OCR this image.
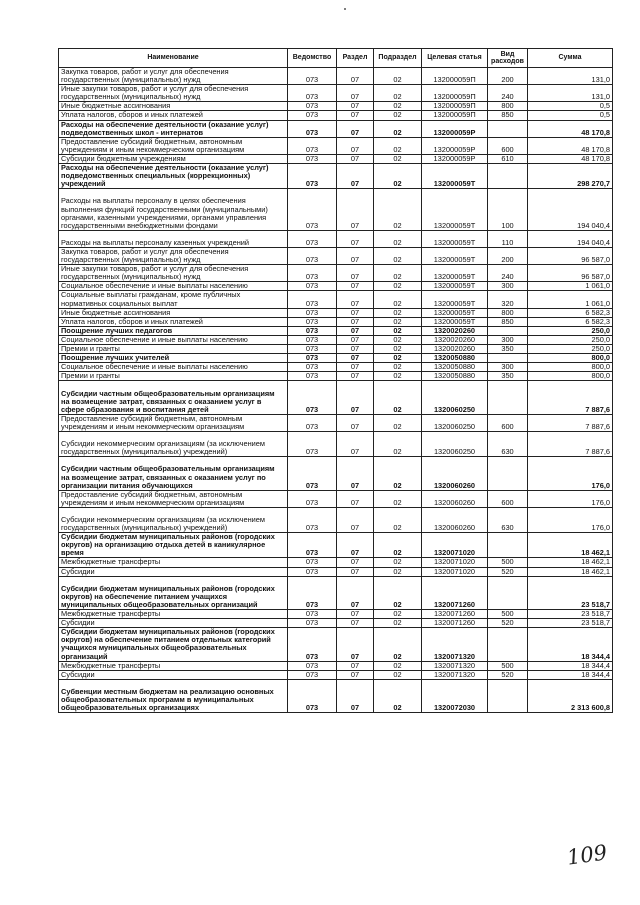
Наименование	Ведомство	Раздел	Подраздел	Целевая статья	Вид расходов	Сумма
Закупка товаров, работ и услуг для обеспечения государственных (муниципальных) нужд	073	07	02	132000059П	200	131,0
Иные закупки товаров, работ и услуг для обеспечения государственных (муниципальных) нужд	073	07	02	132000059П	240	131,0
Иные бюджетные ассигнования	073	07	02	132000059П	800	0,5
Уплата налогов, сборов и иных платежей	073	07	02	132000059П	850	0,5
Расходы на обеспечение деятельности (оказание услуг) подведомственных школ - интернатов	073	07	02	132000059Р		48 170,8
Предоставление субсидий бюджетным, автономным учреждениям и иным некоммерческим организациям	073	07	02	132000059Р	600	48 170,8
Субсидии бюджетным учреждениям	073	07	02	132000059Р	610	48 170,8
Расходы на обеспечение деятельности (оказание услуг) подведомственных специальных (коррекционных) учреждений	073	07	02	132000059Т		298 270,7
Расходы на выплаты персоналу в целях обеспечения выполнения функций государственными (муниципальными) органами, казенными учреждениями, органами управления государственными внебюджетными фондами	073	07	02	132000059Т	100	194 040,4
Расходы на выплаты персоналу казенных учреждений	073	07	02	132000059Т	110	194 040,4
Закупка товаров, работ и услуг для обеспечения государственных (муниципальных) нужд	073	07	02	132000059Т	200	96 587,0
Иные закупки товаров, работ и услуг для обеспечения государственных (муниципальных) нужд	073	07	02	132000059Т	240	96 587,0
Социальное обеспечение и иные выплаты населению	073	07	02	132000059Т	300	1 061,0
Социальные выплаты гражданам, кроме публичных нормативных социальных выплат	073	07	02	132000059Т	320	1 061,0
Иные бюджетные ассигнования	073	07	02	132000059Т	800	6 582,3
Уплата налогов, сборов и иных платежей	073	07	02	132000059Т	850	6 582,3
Поощрение лучших педагогов	073	07	02	1320020260		250,0
Социальное обеспечение и иные выплаты населению	073	07	02	1320020260	300	250,0
Премии и гранты	073	07	02	1320020260	350	250,0
Поощрение лучших учителей	073	07	02	1320050880		800,0
Социальное обеспечение и иные выплаты населению	073	07	02	1320050880	300	800,0
Премии и гранты	073	07	02	1320050880	350	800,0
Субсидии частным общеобразовательным организациям на возмещение затрат, связанных с оказанием услуг в сфере образования и воспитания детей	073	07	02	1320060250		7 887,6
Предоставление субсидий бюджетным, автономным учреждениям и иным некоммерческим организациям	073	07	02	1320060250	600	7 887,6
Субсидии некоммерческим организациям (за исключением государственных (муниципальных) учреждений)	073	07	02	1320060250	630	7 887,6
Субсидии частным общеобразовательным организациям на возмещение затрат, связанных с оказанием услуг по организации питания обучающихся	073	07	02	1320060260		176,0
Предоставление субсидий бюджетным, автономным учреждениям и иным некоммерческим организациям	073	07	02	1320060260	600	176,0
Субсидии некоммерческим организациям (за исключением государственных (муниципальных) учреждений)	073	07	02	1320060260	630	176,0
Субсидии бюджетам муниципальных районов (городских округов) на организацию отдыха детей в каникулярное время	073	07	02	1320071020		18 462,1
Межбюджетные трансферты	073	07	02	1320071020	500	18 462,1
Субсидии	073	07	02	1320071020	520	18 462,1
Субсидии бюджетам муниципальных районов (городских округов) на обеспечение питанием учащихся муниципальных общеобразовательных организаций	073	07	02	1320071260		23 518,7
Межбюджетные трансферты	073	07	02	1320071260	500	23 518,7
Субсидии	073	07	02	1320071260	520	23 518,7
Субсидии бюджетам муниципальных районов (городских округов) на обеспечение питанием отдельных категорий учащихся муниципальных общеобразовательных организаций	073	07	02	1320071320		18 344,4
Межбюджетные трансферты	073	07	02	1320071320	500	18 344,4
Субсидии	073	07	02	1320071320	520	18 344,4
Субвенции местным бюджетам на реализацию основных общеобразовательных программ в муниципальных общеобразовательных организациях	073	07	02	1320072030		2 313 600,8
109
